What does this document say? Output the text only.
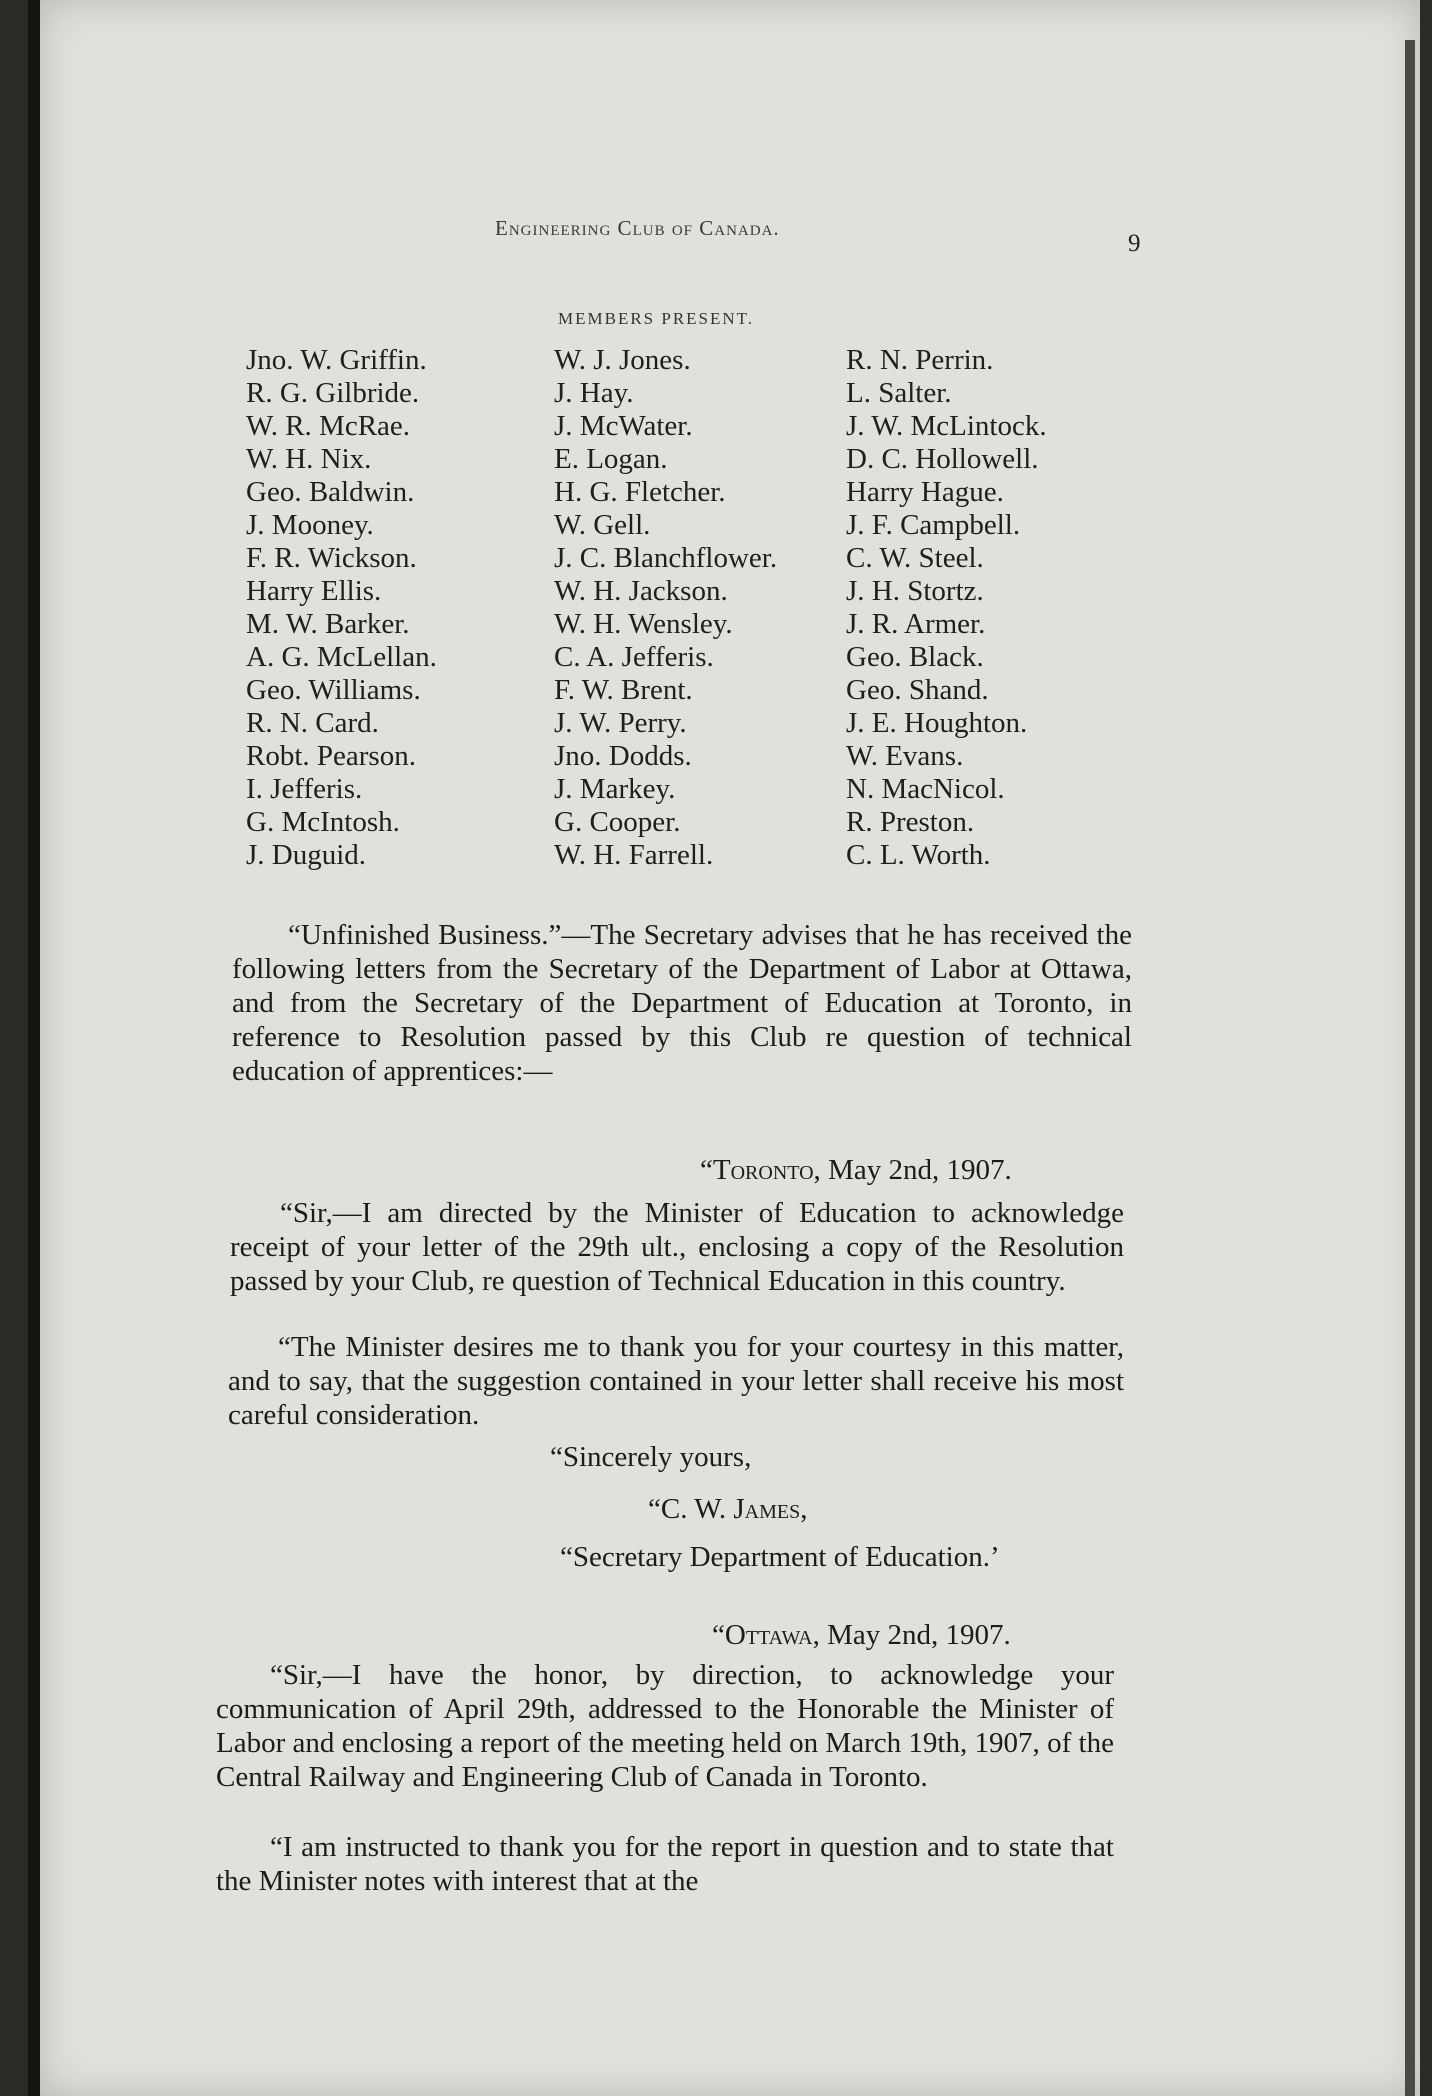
Engineering Club of Canada.
9
MEMBERS PRESENT.
Jno. W. Griffin.
R. G. Gilbride.
W. R. McRae.
W. H. Nix.
Geo. Baldwin.
J. Mooney.
F. R. Wickson.
Harry Ellis.
M. W. Barker.
A. G. McLellan.
Geo. Williams.
R. N. Card.
Robt. Pearson.
I. Jefferis.
G. McIntosh.
J. Duguid.
W. J. Jones.
J. Hay.
J. McWater.
E. Logan.
H. G. Fletcher.
W. Gell.
J. C. Blanchflower.
W. H. Jackson.
W. H. Wensley.
C. A. Jefferis.
F. W. Brent.
J. W. Perry.
Jno. Dodds.
J. Markey.
G. Cooper.
W. H. Farrell.
R. N. Perrin.
L. Salter.
J. W. McLintock.
D. C. Hollowell.
Harry Hague.
J. F. Campbell.
C. W. Steel.
J. H. Stortz.
J. R. Armer.
Geo. Black.
Geo. Shand.
J. E. Houghton.
W. Evans.
N. MacNicol.
R. Preston.
C. L. Worth.
“Unfinished Business.”—The Secretary advises that he has received the following letters from the Secretary of the Department of Labor at Ottawa, and from the Secretary of the Department of Education at Toronto, in reference to Resolution passed by this Club re question of technical education of apprentices:—
“Toronto, May 2nd, 1907.
“Sir,—I am directed by the Minister of Education to acknowledge receipt of your letter of the 29th ult., enclosing a copy of the Resolution passed by your Club, re question of Technical Education in this country.
“The Minister desires me to thank you for your courtesy in this matter, and to say, that the suggestion contained in your letter shall receive his most careful consideration.
“Sincerely yours,
“C. W. James,
“Secretary Department of Education.’
“Ottawa, May 2nd, 1907.
“Sir,—I have the honor, by direction, to acknowledge your communication of April 29th, addressed to the Honorable the Minister of Labor and enclosing a report of the meeting held on March 19th, 1907, of the Central Railway and Engineering Club of Canada in Toronto.
“I am instructed to thank you for the report in question and to state that the Minister notes with interest that at the
